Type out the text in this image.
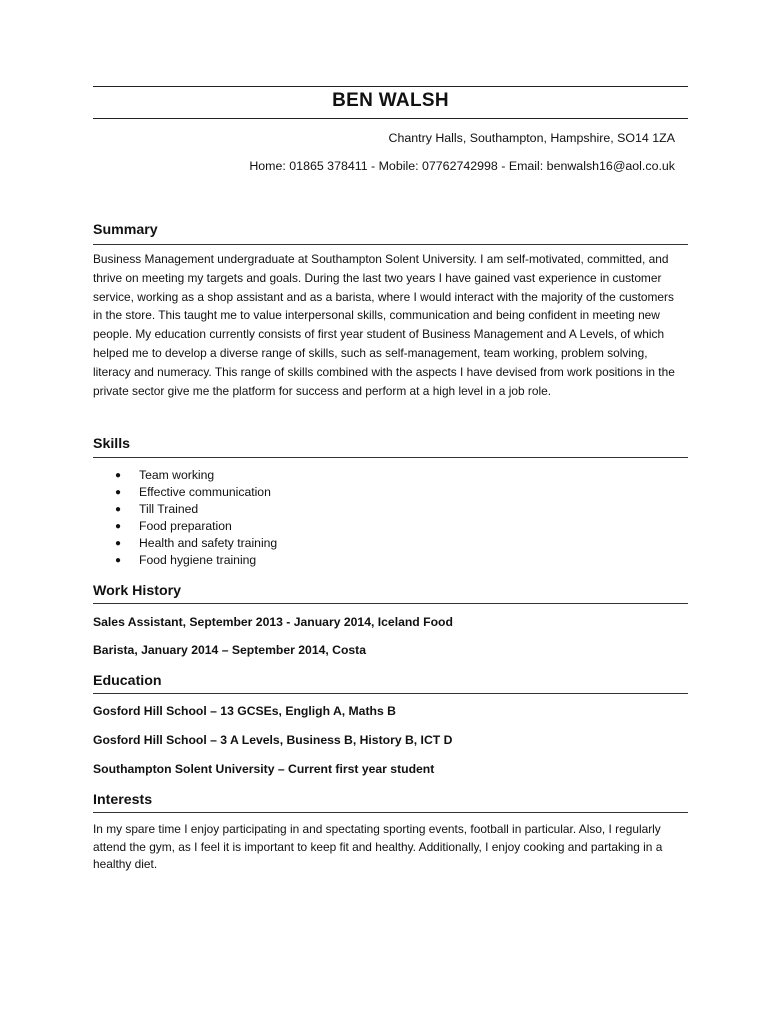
BEN WALSH
Chantry Halls, Southampton, Hampshire, SO14 1ZA
Home: 01865 378411 - Mobile: 07762742998 - Email: benwalsh16@aol.co.uk
Summary

Business Management undergraduate at Southampton Solent University. I am self-motivated, committed, and thrive on meeting my targets and goals. During the last two years I have gained vast experience in customer service, working as a shop assistant and as a barista, where I would interact with the majority of the customers in the store. This taught me to value interpersonal skills, communication and being confident in meeting new people. My education currently consists of first year student of Business Management and A Levels, of which helped me to develop a diverse range of skills, such as self-management, team working, problem solving, literacy and numeracy. This range of skills combined with the aspects I have devised from work positions in the private sector give me the platform for success and perform at a high level in a job role.

Skills
● Team working
● Effective communication
● Till Trained
● Food preparation
● Health and safety training
● Food hygiene training
Work History
Sales Assistant, September 2013 - January 2014, Iceland Food
Barista, January 2014 – September 2014, Costa
Education
Gosford Hill School – 13 GCSEs, Engligh A, Maths B
Gosford Hill School – 3 A Levels, Business B, History B, ICT D
Southampton Solent University – Current first year student
Interests

In my spare time I enjoy participating in and spectating sporting events, football in particular. Also, I regularly attend the gym, as I feel it is important to keep fit and healthy. Additionally, I enjoy cooking and partaking in a healthy diet.
